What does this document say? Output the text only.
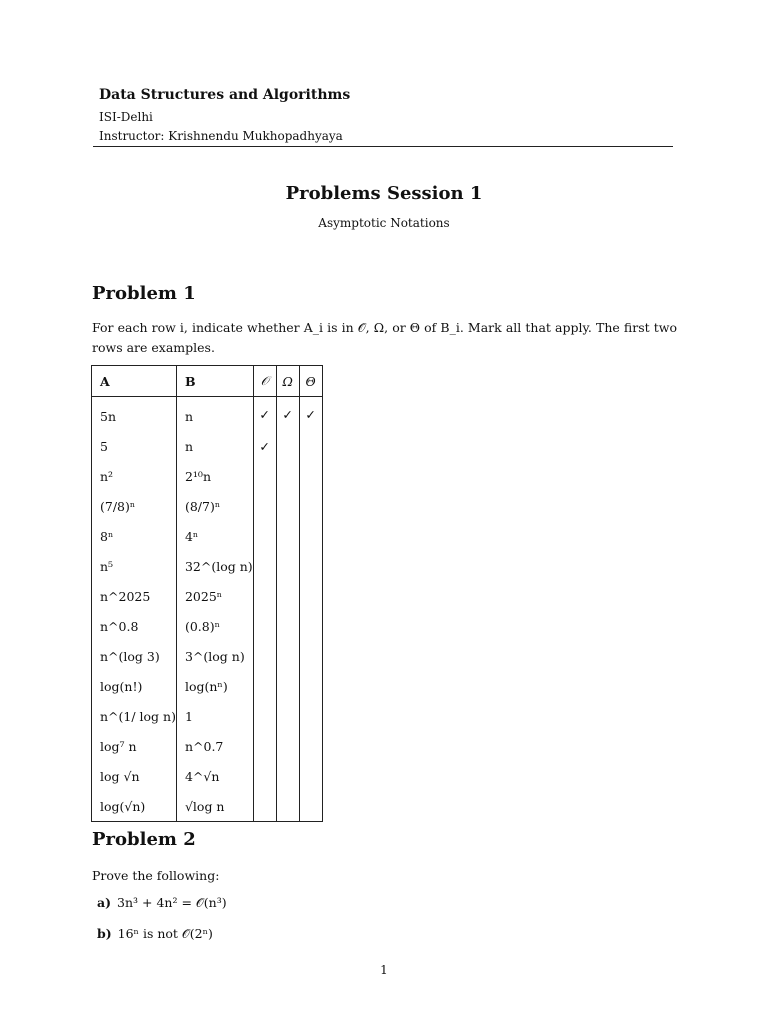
Data Structures and Algorithms
ISI-Delhi
Instructor: Krishnendu Mukhopadhyaya
Problems Session 1
Asymptotic Notations
Problem 1
For each row i, indicate whether A_i is in 𝒪, Ω, or Θ of B_i. Mark all that apply. The first two rows are examples.
A	B	𝒪	Ω	Θ
5n	n	✓	✓	✓
5	n	✓		
n²	2¹⁰n			
(7/8)ⁿ	(8/7)ⁿ			
8ⁿ	4ⁿ			
n⁵	32^(log n)			
n^2025	2025ⁿ			
n^0.8	(0.8)ⁿ			
n^(log 3)	3^(log n)			
log(n!)	log(nⁿ)			
n^(1/ log n)	1			
log⁷ n	n^0.7			
log √n	4^√n			
log(√n)	√log n			
Problem 2
Prove the following:
a) 3n³ + 4n² = 𝒪(n³)
b) 16ⁿ is not 𝒪(2ⁿ)
1
